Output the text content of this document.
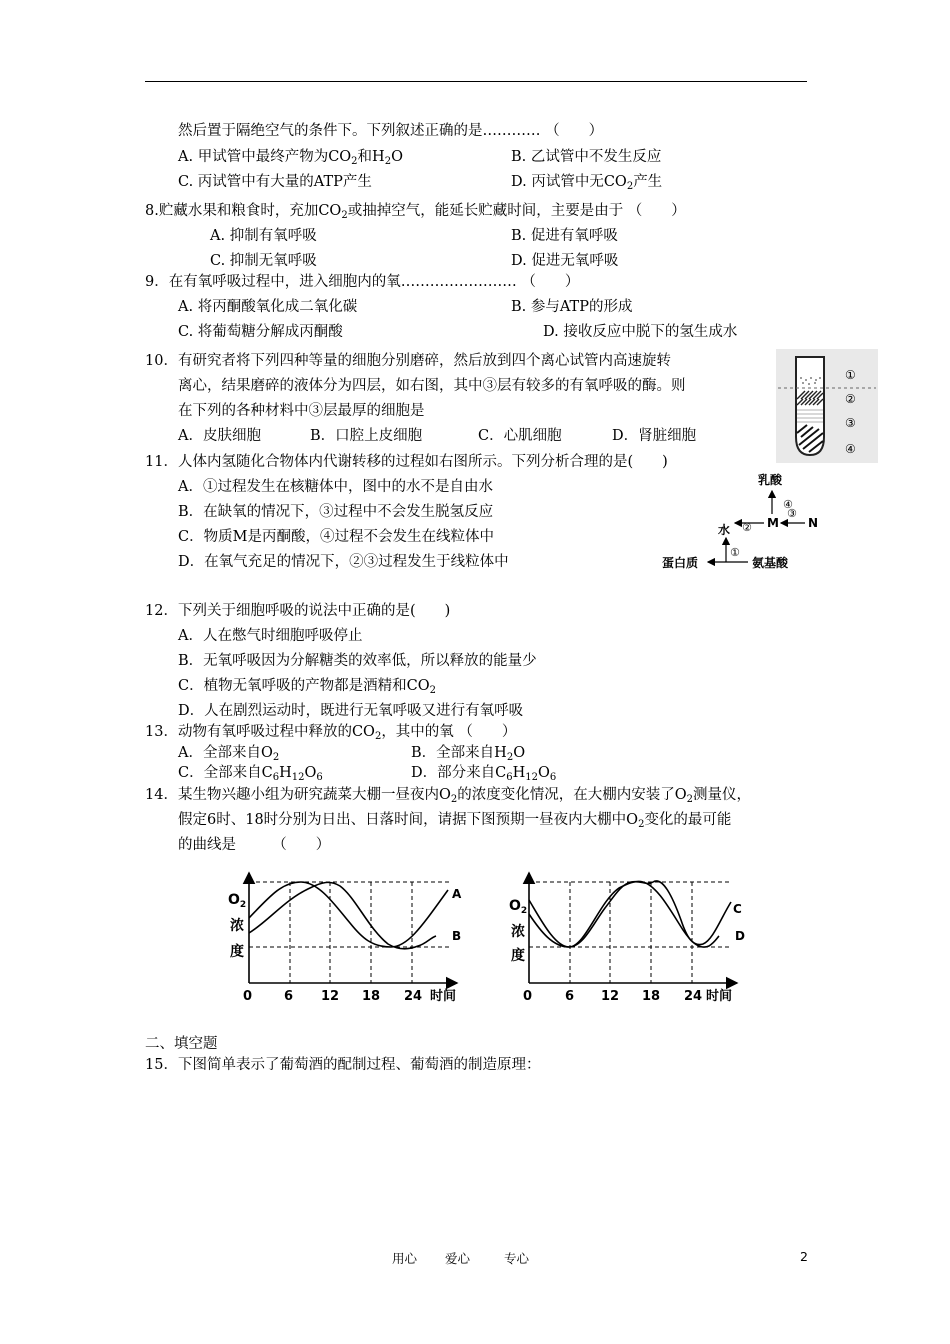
然后置于隔绝空气的条件下。下列叙述正确的是………… （　　）
A. 甲试管中最终产物为$CO_2$和$H_2O$	B. 乙试管中不发生反应
C. 丙试管中有大量的ATP产生	D. 丙试管中无$CO_2$产生
8.贮藏水果和粮食时，充加$CO_2$或抽掉空气，能延长贮藏时间，主要是由于 （　　）
A. 抑制有氧呼吸	B. 促进有氧呼吸
C. 抑制无氧呼吸	D. 促进无氧呼吸
9．在有氧呼吸过程中，进入细胞内的氧…………………… （　　）
A. 将丙酮酸氧化成二氧化碳	B. 参与ATP的形成
C. 将葡萄糖分解成丙酮酸	D. 接收反应中脱下的氢生成水
10．有研究者将下列四种等量的细胞分别磨碎，然后放到四个离心试管内高速旋转
离心，结果磨碎的液体分为四层，如右图，其中③层有较多的有氧呼吸的酶。则
在下列的各种材料中③层最厚的细胞是
A．皮肤细胞	B．口腔上皮细胞	C．心肌细胞	D．肾脏细胞
①
②
③
④
11．人体内氢随化合物体内代谢转移的过程如右图所示。下列分析合理的是(　　)
A．①过程发生在核糖体中，图中的水不是自由水
B．在缺氧的情况下，③过程中不会发生脱氢反应
C．物质M是丙酮酸，④过程不会发生在线粒体中
D．在氧气充足的情况下，②③过程发生于线粒体中
乳酸
④
M
③
N
②
水
①
蛋白质	氨基酸
12．下列关于细胞呼吸的说法中正确的是(　　)
A．人在憋气时细胞呼吸停止
B．无氧呼吸因为分解糖类的效率低，所以释放的能量少
C．植物无氧呼吸的产物都是酒精和$CO_2$
D．人在剧烈运动时，既进行无氧呼吸又进行有氧呼吸
13．动物有氧呼吸过程中释放的$CO_2$，其中的氧 （　　）
A．全部来自$O_2$	B．全部来自$H_2O$
C．全部来自$C_6H_{12}O_6$	D．部分来自$C_6H_{12}O_6$
14．某生物兴趣小组为研究蔬菜大棚一昼夜内$O_2$的浓度变化情况，在大棚内安装了$O_2$测量仪，
假定6时、18时分别为日出、日落时间，请据下图预期一昼夜内大棚中$O_2$变化的最可能
的曲线是　　　（　　）
$O_2$
浓
度
A
B
0 6 12 18 24 时间
$O_2$
浓
度
C
D
0	6 12 18 24 时间
二、填空题
15．下图简单表示了葡萄酒的配制过程、葡萄酒的制造原理：
用心 爱心	专心	2
